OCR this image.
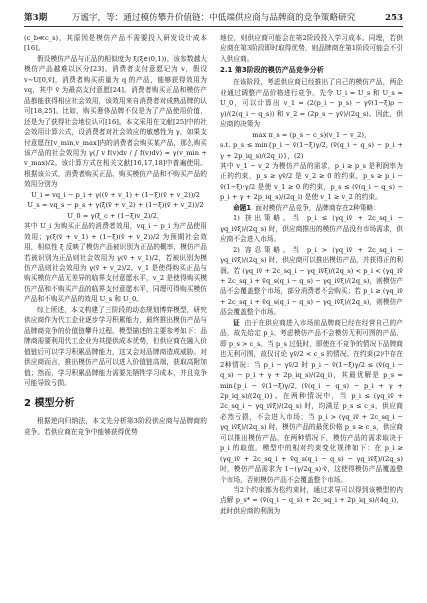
第3期	万谧宇，等：通过模仿攀升价值链：中低端供应商与品牌商的竞争策略研究	253

(c_b≪c_s)，其原因是模仿产品不需要投入研发设计成本[16]。

假设模仿产品与正品的相似度为 ξ(ξ∈(0,1))，该参数越大模仿产品越难以区分[23]。消费者支付意愿记为 v，假设 v∼U[0,v̄]，消费者购买质量为 q 的产品，能够获得效用为 vq，其中 v̄ 为最高支付意愿[24]。消费者购买正品和模仿产品都能获得相应社会效用，该效用来自消费者对成熟品牌的认可[18,25]。比如，购买奢侈品牌不仅是为了产品使用价值，还是为了获得社会地位认可[16]。本文采用在文献[25]中的社会效用计算公式，设消费者对社会效应的敏感性为 γ，如果支付意愿在[v_min,v_max]内的消费者会购买某产品，那么购买该产品的社会效用为 γ(∫ v f(v)dv / ∫ f(v)dv) = γ(v_min + v_max)/2。该计算方式在相关文献[16,17,18]中普遍使用。根据该公式，消费者购买正品、购买模仿产品和不购买产品的效用分别为

U_i = vq_i − p_i + γ((v̄ + v_1) + (1−ξ)(v̄ + v_2))/2

U_s = vq_s − p_s + γ(ξ(v̄ + v_2) + (1−ξ)(v̄ + v_2))/2

U_0 = γ(ξ_c + (1−ξ)v_2)/2，

其中 U_i 为购买正品的消费者效用，vq_i − p_i 为产品使用效用；γ(ξ(v̄ + v_1) + (1−ξ)(v̄ + v_2))/2 为预期社会效用，相似性 ξ 反映了模仿产品被识别为正品的概率，模仿产品若被识别为正品则社会效用为 γ(v̄ + v_1)/2，若被识别为模仿产品则社会效用为 γ(v̄ + v_2)/2。v_1 是使得购买正品与购买模仿产品无差异的临界支付意愿水平，v_2 是使得购买模仿产品和不购买产品的临界支付意愿水平，同理可得购买模仿产品和不购买产品的效用 U_s 和 U_0。

综上所述，本文构建了三阶段的动态规划博弈模型，研究供应商作为代工企业逐步学习积累能力，最终推出模仿产品与品牌商竞争的价值链攀升过程。模型描述的主要参考如下：品牌商需要利用代工企业为其提供成本优势，但供应商在融入价值链后可以学习积累品牌能力，这又会对品牌商造成威胁。对供应商而言，推出模仿产品可以进入价值链高端，获取高附加值；然而，学习积累品牌能力需要先牺牲学习成本，并且竞争可能导致亏损。

2 模型分析

根据逆向归纳法，本文先分析第3阶段供应商与品牌商的竞争。若供应商在竞争中能够获得优势

地位，则供应商可能会在第2阶段投入学习成本。同理，若供应商在第3阶段即时取得优势，则品牌商在第1阶段可能会不引入供应商。

2.1 第3阶段的模仿产品竞争分析

在该阶段，考虑供应商已经推出了自己的模仿产品，两企业通过调整产品价格进行竞争。先令 U_i = U_s 和 U_s = U_0，可以计算出 v_1 = (2(p_i − p_s) − γv̄(1−ξ)ρ − γ)/(2(q_i − q_s)) 和 v_2 = (2p_s − γv̄)/(2q_s)。因此，供应商的决策为

max π_s = (p_s − c_s)(v_1 − v_2)，

s.t. p_s ≤ min{p_i − v̄(1−ξ)γ/2, (v̄(q_i − q_s) − p_i + γ + 2p_iq_s)/(2q_i)}，(2)

其中 v_1 − v_2 为模仿产品的需求，p_i ≥ p_s 是利润率为正的约束，p_s ≥ γv̄/2 是 v_2 ≥ 0 的约束，p_s ≥ p_i − v̄(1−ξ)·γ/2 是使 v_1 ≥ 0 的约束，p_s ≤ (v̄(q_i − q_s) − p_i + γ + 2p_iq_s)/(2q_i) 是使 v_1 ≥ v_2 的约束。

命题1 面对模仿产品竞争，品牌商存在2种策略：

1) 挤出策略。当 p_i ≤ (γq_iv̄ + 2c_sq_i − γq_iv̄ξ)/(2q_s) 时，供应商推出的模仿产品没有市场需求，供应商不会进入市场。

2) 容忍策略。当 p_i > (γq_iv̄ + 2c_sq_i − γq_iv̄ξ)/(2q_s) 时，供应商可以推出模仿产品，并获得正的利润。若 (γq_iv̄ + 2c_sq_i − γq_iv̄ξ)/(2q_s) < p_i < (γq_iv̄ + 2c_sq_i + v̄q_s(q_i − q_s) − γq_iv̄ξ)/(2q_s)，则模仿产品不会覆盖整个市场，部分消费者不会购买；若 p_i ≥ (γq_iv̄ + 2c_sq_i + v̄q_s(q_i − q_s) − γq_iv̄ξ)/(2q_s)，则模仿产品会覆盖整个市场。

证 由于在供应商进入市场前品牌商已经在经营自己的产品，故先给定 p_i。考虑模仿产品不会模仿无利可图的产品，即 p_s > c_s。当 p_s 过低时，即使在不竞争的情况下品牌商也无利可图，故仅讨论 γv̄/2 < c_s 的情况。在约束(2)中存在2种情况：当 p_i − γv̄/2 时 p_i − v̄(1−ξ)γ/2 ≤ (v̄(q_i − q_s) − p_i + γ + 2p_iq_s)/(2q_i)，其最优解是 p_s = min{p_i − v̄(1−ξ)γ/2, (v̄(q_i − q_s) − p_i + γ + 2p_iq_s)/(2q_i)}。在两种情况中，当 p_i ≤ (γq_iv̄ + 2c_sq_i − γq_iv̄ξ)/(2q_s) 时，均满足 p_s ≤ c_s，供应商必然亏损，不会进入市场；当 p_i > (γq_iv̄ + 2c_sq_i − γq_iv̄ξ)/(2q_s) 时，模仿产品的最优价格 p_s ≥ c_s，供应商可以推出模仿产品。在两种情况下，模仿产品的需求取决于 p_i 的取值。模型中的相对约束变化规律如下：在 p_i ≥ (γq_iv̄ + 2c_sq_i + v̄q_s(q_i − q_s) − γq_iv̄ξ)/(2q_s) 时，模仿产品需求为 1−(γ/2q_s)·v̄，这使得模仿产品覆盖整个市场，否则模仿产品不会覆盖整个市场。

当2个约束都为松约束时，通过求导可以得到该模型的内点解 p_s* = (v̄(q_i − q_s) + 2c_sq_i + 2p_iq_s)/(4q_i)，此时供应商的利润为
